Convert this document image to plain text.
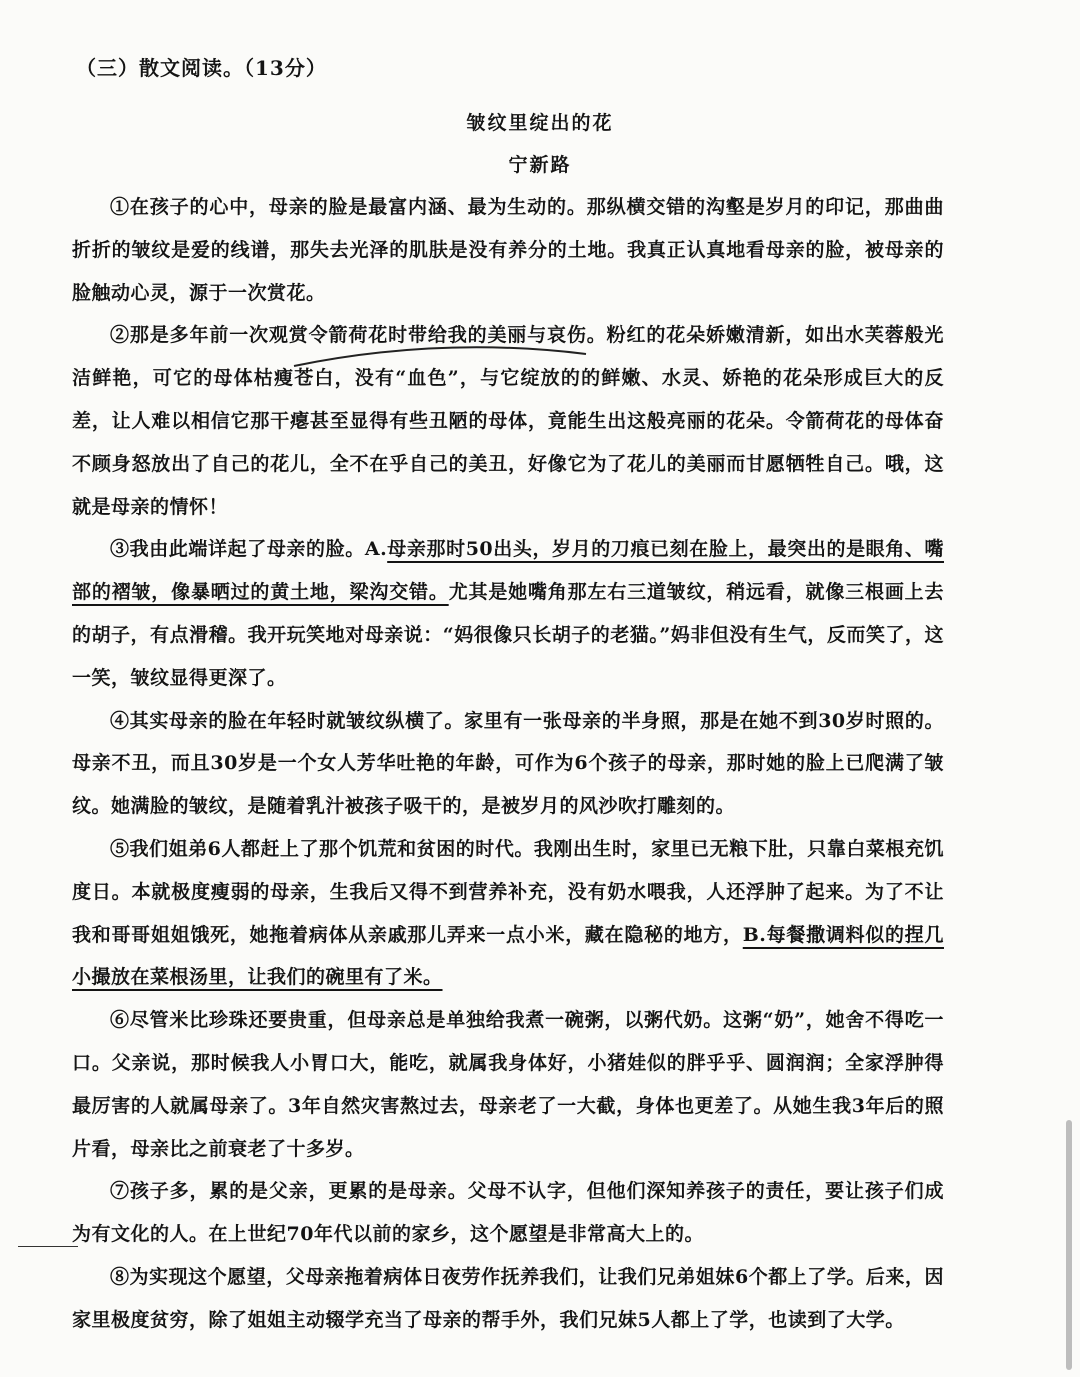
（三）散文阅读。（13分）
皱纹里绽出的花
宁新路

①在孩子的心中，母亲的脸是最富内涵、最为生动的。那纵横交错的沟壑是岁月的印记，那曲曲折折的皱纹是爱的线谱，那失去光泽的肌肤是没有养分的土地。我真正认真地看母亲的脸，被母亲的脸触动心灵，源于一次赏花。

②那是多年前一次观赏令箭荷花时带给我的美丽与哀伤。粉红的花朵娇嫩清新，如出水芙蓉般光洁鲜艳，可它的母体枯瘦苍白，没有“血色”，与它绽放的的鲜嫩、水灵、娇艳的花朵形成巨大的反差，让人难以相信它那干瘪甚至显得有些丑陋的母体，竟能生出这般亮丽的花朵。令箭荷花的母体奋不顾身怒放出了自己的花儿，全不在乎自己的美丑，好像它为了花儿的美丽而甘愿牺牲自己。哦，这就是母亲的情怀！

③我由此端详起了母亲的脸。A.母亲那时50出头，岁月的刀痕已刻在脸上，最突出的是眼角、嘴部的褶皱，像暴晒过的黄土地，梁沟交错。尤其是她嘴角那左右三道皱纹，稍远看，就像三根画上去的胡子，有点滑稽。我开玩笑地对母亲说：“妈很像只长胡子的老猫。”妈非但没有生气，反而笑了，这一笑，皱纹显得更深了。

④其实母亲的脸在年轻时就皱纹纵横了。家里有一张母亲的半身照，那是在她不到30岁时照的。母亲不丑，而且30岁是一个女人芳华吐艳的年龄，可作为6个孩子的母亲，那时她的脸上已爬满了皱纹。她满脸的皱纹，是随着乳汁被孩子吸干的，是被岁月的风沙吹打雕刻的。

⑤我们姐弟6人都赶上了那个饥荒和贫困的时代。我刚出生时，家里已无粮下肚，只靠白菜根充饥度日。本就极度瘦弱的母亲，生我后又得不到营养补充，没有奶水喂我，人还浮肿了起来。为了不让我和哥哥姐姐饿死，她拖着病体从亲戚那儿弄来一点小米，藏在隐秘的地方，B.每餐撒调料似的捏几小撮放在菜根汤里，让我们的碗里有了米。

⑥尽管米比珍珠还要贵重，但母亲总是单独给我煮一碗粥，以粥代奶。这粥“奶”，她舍不得吃一口。父亲说，那时候我人小胃口大，能吃，就属我身体好，小猪娃似的胖乎乎、圆润润；全家浮肿得最厉害的人就属母亲了。3年自然灾害熬过去，母亲老了一大截，身体也更差了。从她生我3年后的照片看，母亲比之前衰老了十多岁。

⑦孩子多，累的是父亲，更累的是母亲。父母不认字，但他们深知养孩子的责任，要让孩子们成为有文化的人。在上世纪70年代以前的家乡，这个愿望是非常高大上的。

⑧为实现这个愿望，父母亲拖着病体日夜劳作抚养我们，让我们兄弟姐妹6个都上了学。后来，因家里极度贫穷，除了姐姐主动辍学充当了母亲的帮手外，我们兄妹5人都上了学，也读到了大学。
